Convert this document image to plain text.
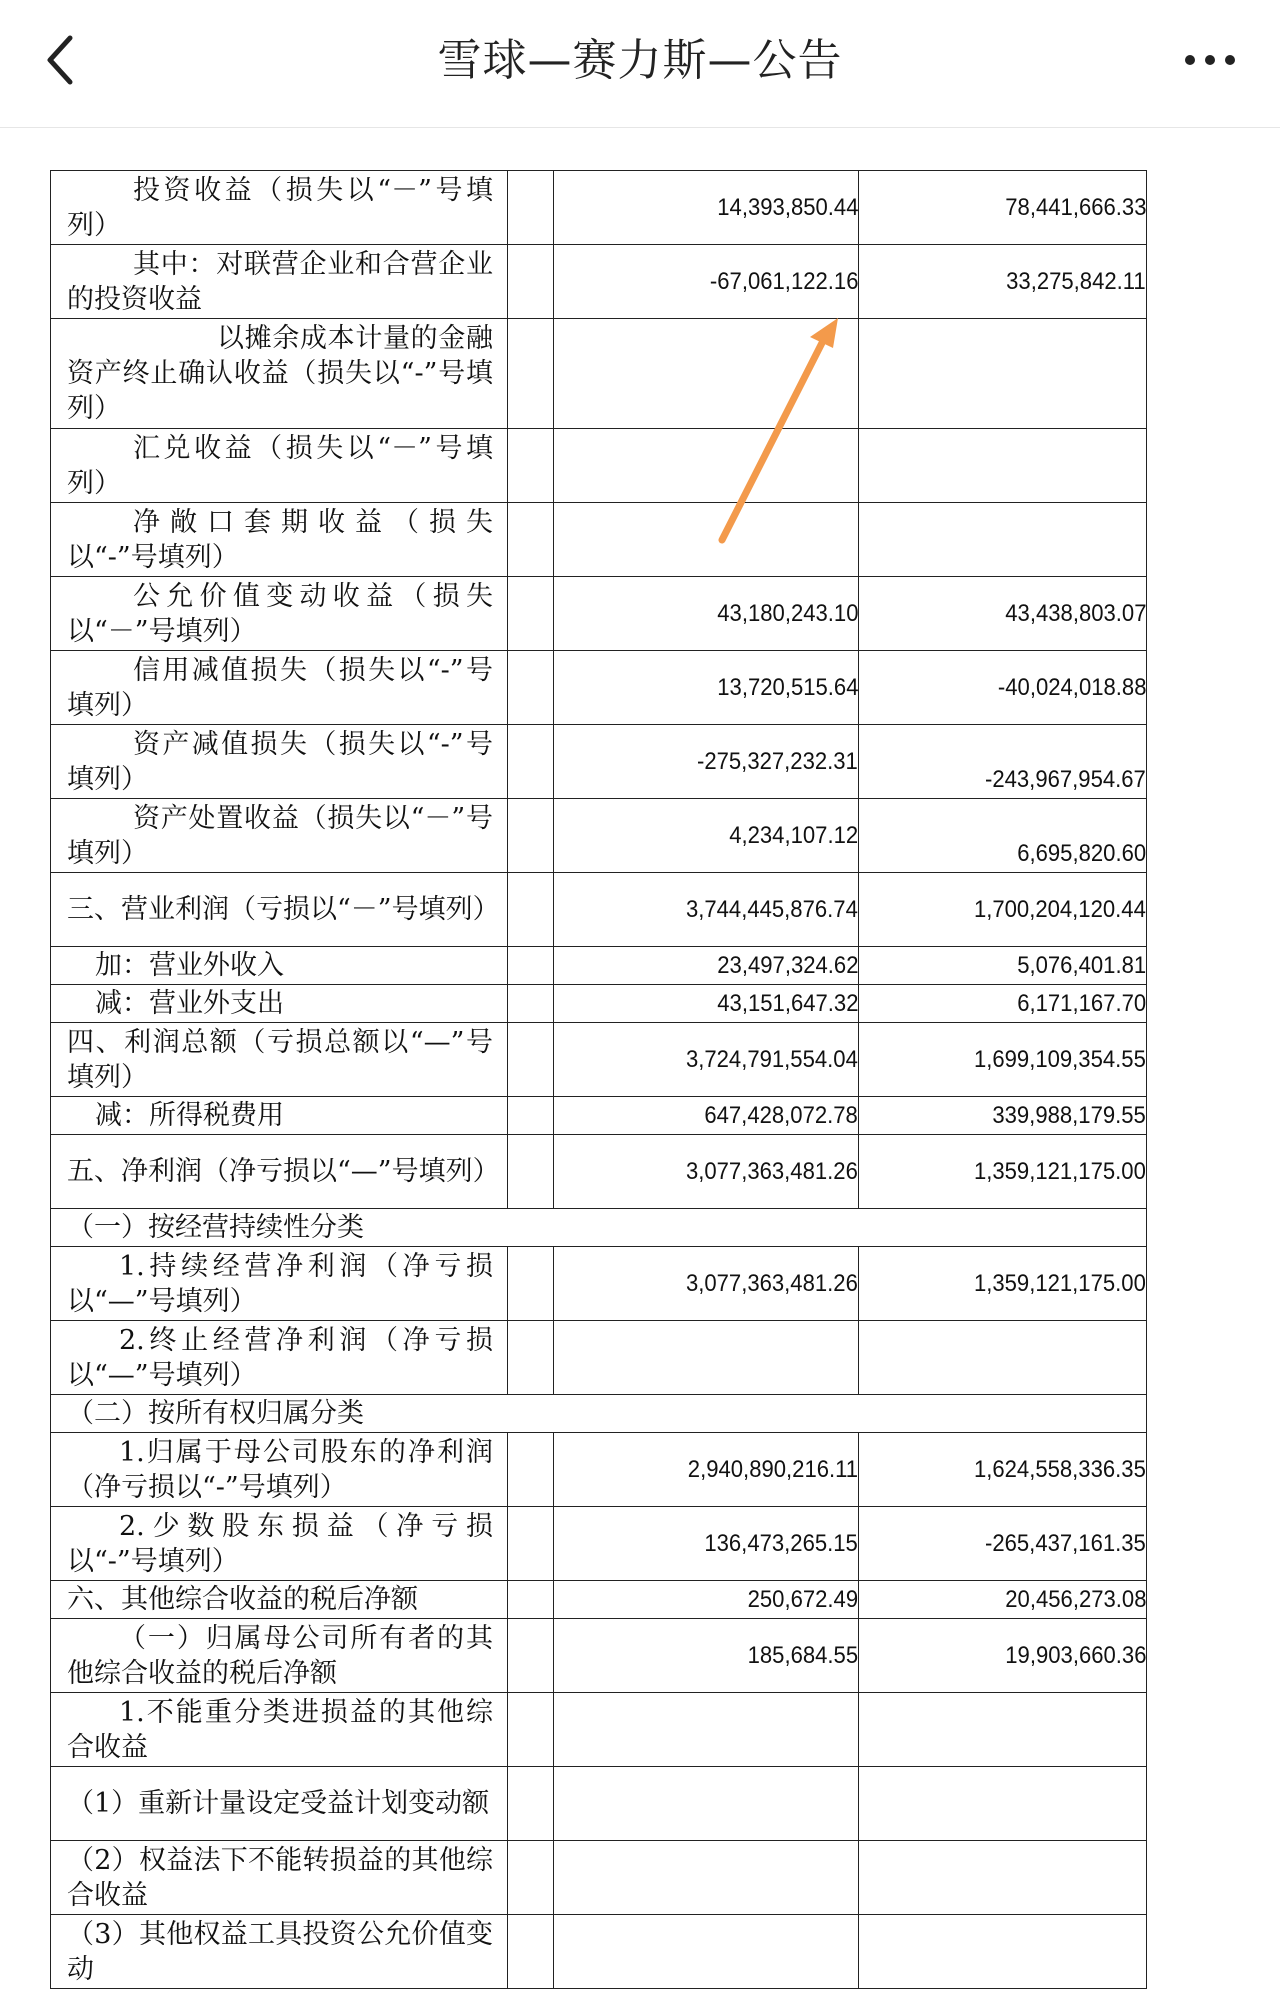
雪球—赛力斯—公告
投资收益（损失以“－”号填列）		14,393,850.44	78,441,666.33

其中：对联营企业和合营企业的投资收益		-67,061,122.16	33,275,842.11

以摊余成本计量的金融资产终止确认收益（损失以“-”号填列）			

汇兑收益（损失以“－”号填列）			

净敞口套期收益（损失以“-”号填列）			

公允价值变动收益（损失以“－”号填列）		43,180,243.10	43,438,803.07

信用减值损失（损失以“-”号填列）		13,720,515.64	-40,024,018.88

资产减值损失（损失以“-”号填列）		-275,327,232.31	-243,967,954.67

资产处置收益（损失以“－”号填列）		4,234,107.12	6,695,820.60

三、营业利润（亏损以“－”号填列）		3,744,445,876.74	1,700,204,120.44

加：营业外收入		23,497,324.62	5,076,401.81

减：营业外支出		43,151,647.32	6,171,167.70

四、利润总额（亏损总额以“—”号填列）		3,724,791,554.04	1,699,109,354.55

减：所得税费用		647,428,072.78	339,988,179.55

五、净利润（净亏损以“—”号填列）		3,077,363,481.26	1,359,121,175.00

（一）按经营持续性分类			

1.持续经营净利润（净亏损以“—”号填列）		3,077,363,481.26	1,359,121,175.00

2.终止经营净利润（净亏损以“—”号填列）			

（二）按所有权归属分类			

1.归属于母公司股东的净利润（净亏损以“-”号填列）		2,940,890,216.11	1,624,558,336.35

2.少数股东损益（净亏损以“-”号填列）		136,473,265.15	-265,437,161.35

六、其他综合收益的税后净额		250,672.49	20,456,273.08

（一）归属母公司所有者的其他综合收益的税后净额		185,684.55	19,903,660.36

1.不能重分类进损益的其他综合收益			

（1）重新计量设定受益计划变动额			

（2）权益法下不能转损益的其他综合收益			

（3）其他权益工具投资公允价值变动			
